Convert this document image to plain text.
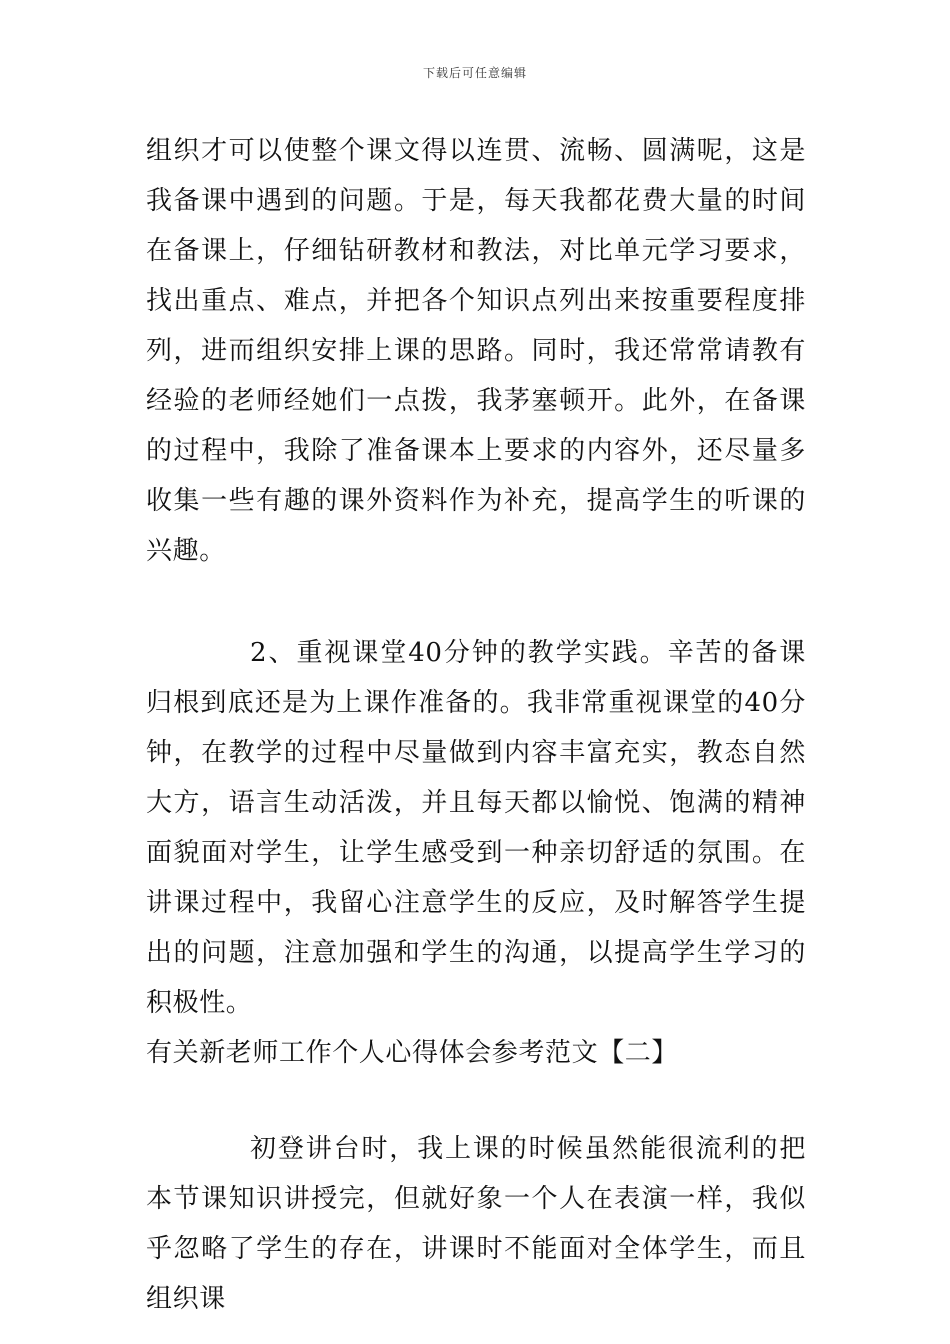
下载后可任意编辑

组织才可以使整个课文得以连贯、流畅、圆满呢，这是我备课中遇到的问题。于是，每天我都花费大量的时间在备课上，仔细钻研教材和教法，对比单元学习要求，找出重点、难点，并把各个知识点列出来按重要程度排列，进而组织安排上课的思路。同时，我还常常请教有经验的老师经她们一点拨，我茅塞顿开。此外，在备课的过程中，我除了准备课本上要求的内容外，还尽量多收集一些有趣的课外资料作为补充，提高学生的听课的兴趣。

2、重视课堂40分钟的教学实践。辛苦的备课归根到底还是为上课作准备的。我非常重视课堂的40分钟，在教学的过程中尽量做到内容丰富充实，教态自然大方，语言生动活泼，并且每天都以愉悦、饱满的精神面貌面对学生，让学生感受到一种亲切舒适的氛围。在讲课过程中，我留心注意学生的反应，及时解答学生提出的问题，注意加强和学生的沟通，以提高学生学习的积极性。

有关新老师工作个人心得体会参考范文【二】

初登讲台时，我上课的时候虽然能很流利的把本节课知识讲授完，但就好象一个人在表演一样，我似乎忽略了学生的存在，讲课时不能面对全体学生，而且组织课
